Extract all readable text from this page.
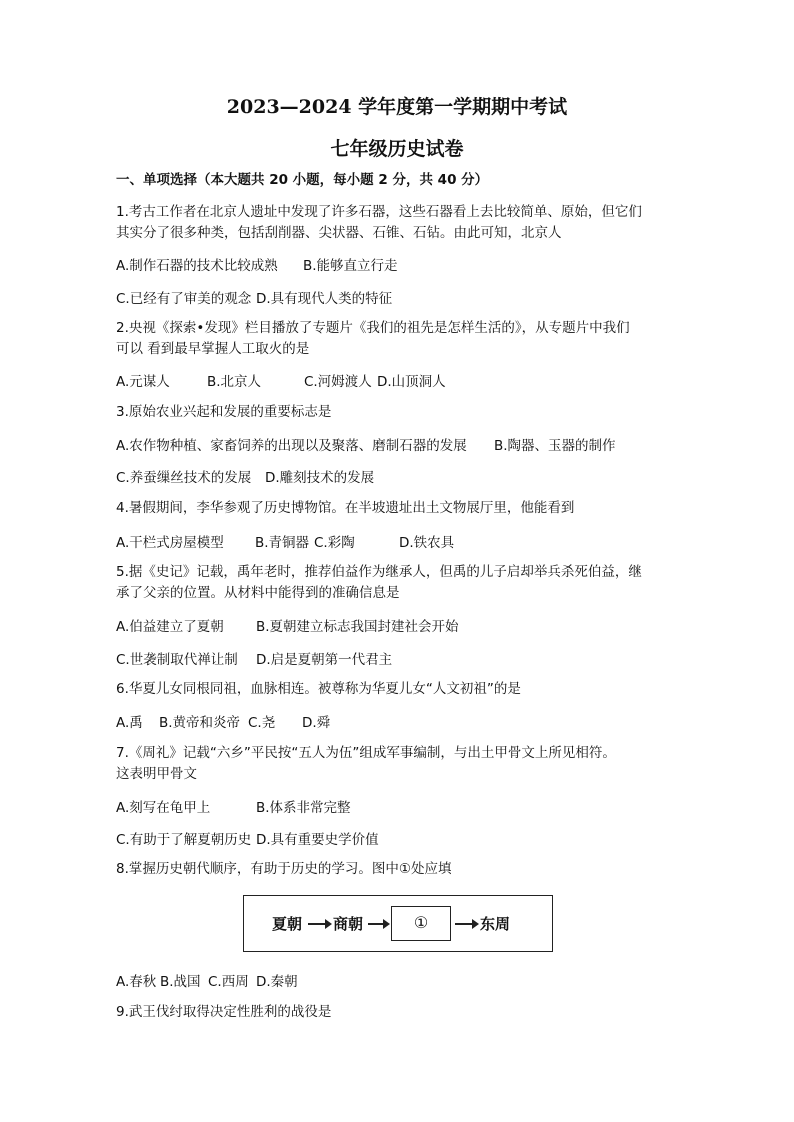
2023—2024 学年度第一学期期中考试
七年级历史试卷
一、单项选择（本大题共 20 小题，每小题 2 分，共 40 分）
1.考古工作者在北京人遗址中发现了许多石器，这些石器看上去比较简单、原始，但它们
其实分了很多种类，包括刮削器、尖状器、石锥、石钻。由此可知，北京人
A.制作石器的技术比较成熟 B.能够直立行走
C.已经有了审美的观念 D.具有现代人类的特征
2.央视《探索•发现》栏目播放了专题片《我们的祖先是怎样生活的》，从专题片中我们
可以 看到最早掌握人工取火的是
A.元谋人	B.北京人	C.河姆渡人 D.山顶洞人
3.原始农业兴起和发展的重要标志是
A.农作物种植、家畜饲养的出现以及聚落、磨制石器的发展 B.陶器、玉器的制作
C.养蚕缫丝技术的发展 D.雕刻技术的发展
4.暑假期间，李华参观了历史博物馆。在半坡遗址出土文物展厅里，他能看到
A.干栏式房屋模型 B.青铜器 C.彩陶	D.铁农具
5.据《史记》记载，禹年老时，推荐伯益作为继承人，但禹的儿子启却举兵杀死伯益，继
承了父亲的位置。从材料中能得到的准确信息是
A.伯益建立了夏朝 B.夏朝建立标志我国封建社会开始
C.世袭制取代禅让制 D.启是夏朝第一代君主
6.华夏儿女同根同祖，血脉相连。被尊称为华夏儿女“人文初祖”的是
A.禹 B.黄帝和炎帝 C.尧 D.舜
7.《周礼》记载“六乡”平民按“五人为伍”组成军事编制，与出土甲骨文上所见相符。
这表明甲骨文
A.刻写在龟甲上	B.体系非常完整
C.有助于了解夏朝历史 D.具有重要史学价值
8.掌握历史朝代顺序，有助于历史的学习。图中①处应填
夏朝 商朝	①	东周
A.春秋 B.战国 C.西周 D.秦朝
9.武王伐纣取得决定性胜利的战役是
